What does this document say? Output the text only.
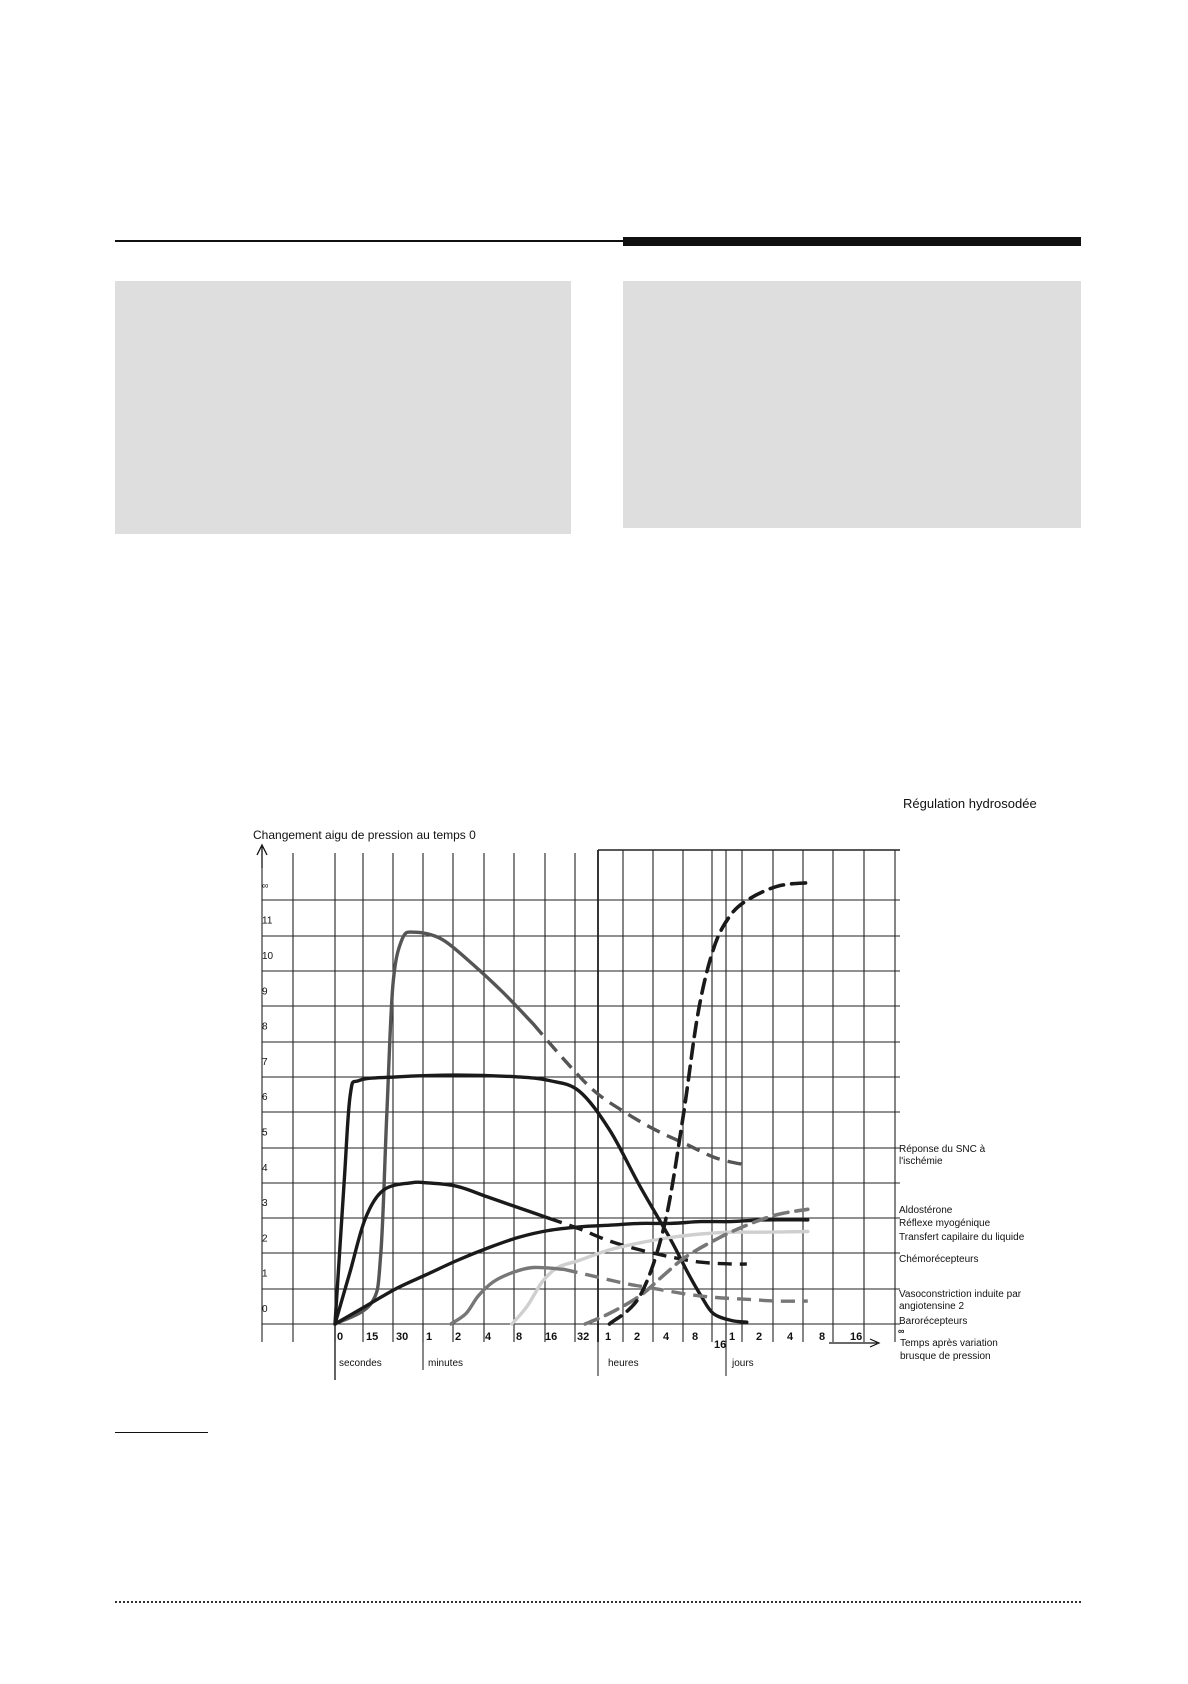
Changement aigu de pression au temps 0
0
1
2
3
4
5
6
7
8
9
10
11
∞
0 15 30 1 2 4 8 16 32 1 2 4 8
16
1 2 4 8 16	∞
secondes	minutes	heures	jours
Temps après variation
brusque de pression
Réponse du SNC à
l'ischémie
Barorécepteurs
Chémorécepteurs
Réflexe myogénique
Transfert capilaire du liquide
Vasoconstriction induite par
angiotensine 2
Aldostérone
Régulation hydrosodée
